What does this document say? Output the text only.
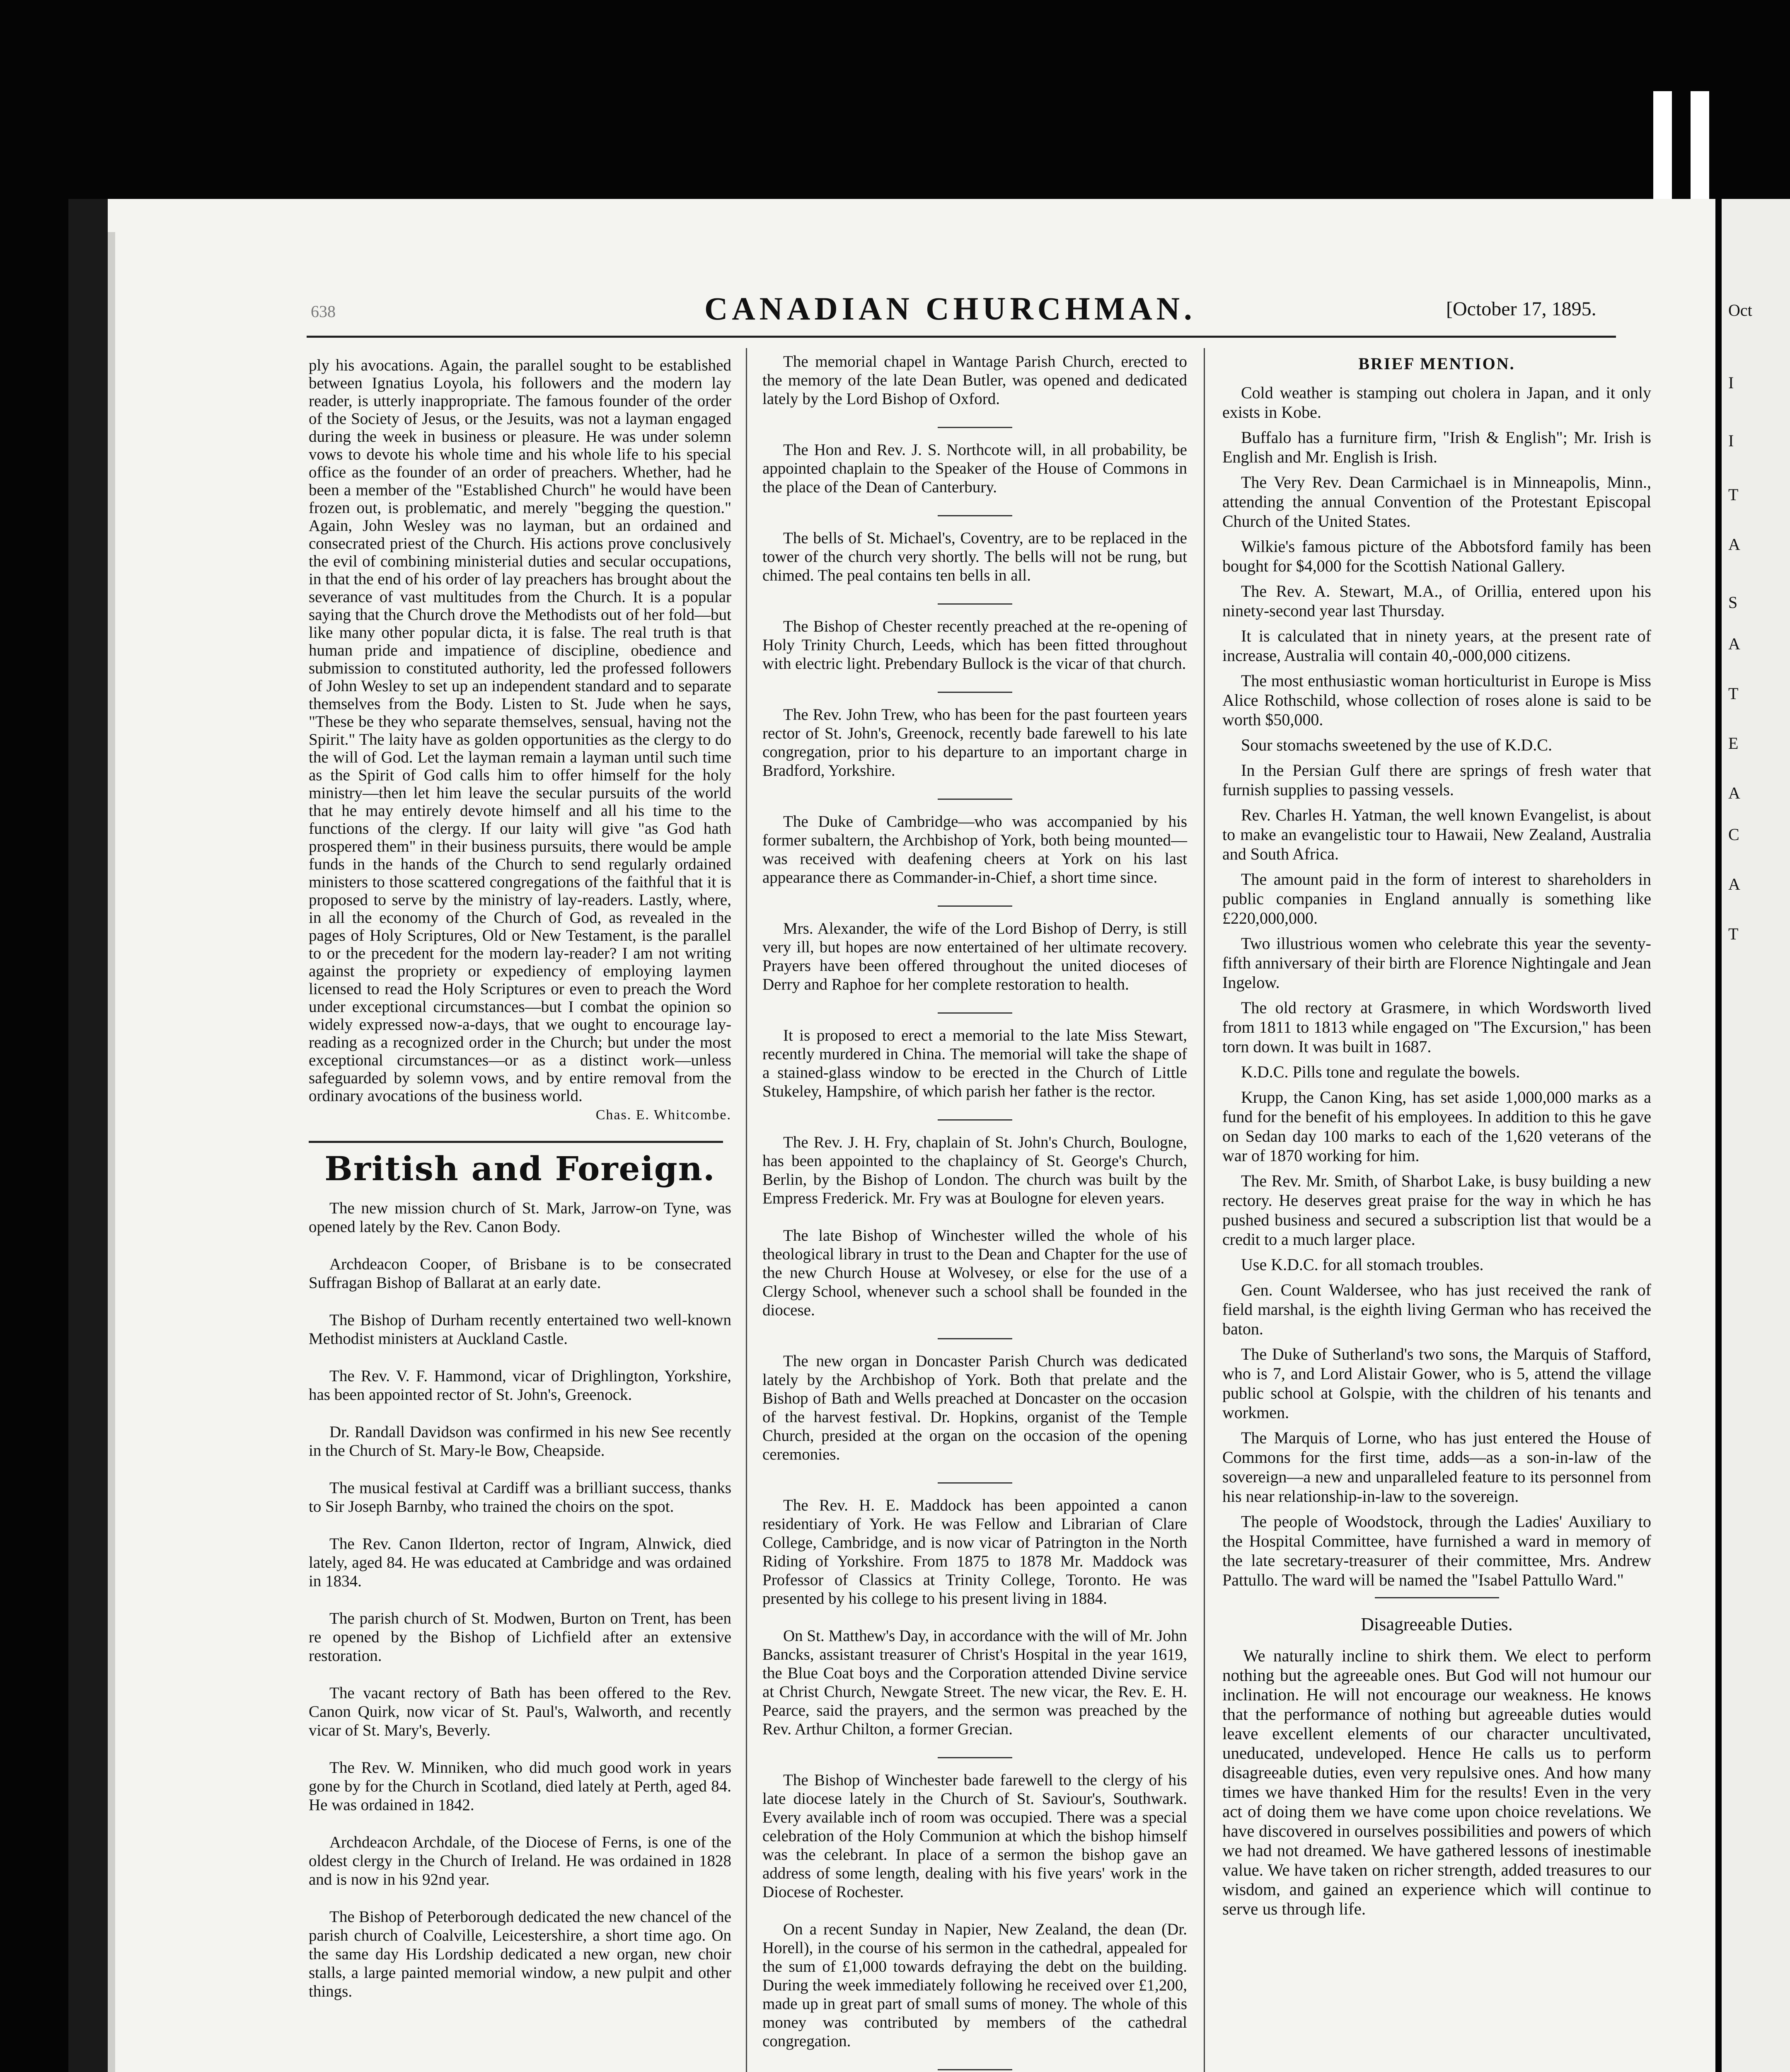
Oct
I
I
T
A
S
A
T
E
A
C
A
T
638	CANADIAN CHURCHMAN.	[October 17, 1895.

ply his avocations. Again, the parallel sought to be established between Ignatius Loyola, his followers and the modern lay reader, is utterly inappropriate. The famous founder of the order of the Society of Jesus, or the Jesuits, was not a layman engaged during the week in business or pleasure. He was under solemn vows to devote his whole time and his whole life to his special office as the founder of an order of preachers. Whether, had he been a member of the "Established Church" he would have been frozen out, is problematic, and merely "begging the question." Again, John Wesley was no layman, but an ordained and consecrated priest of the Church. His actions prove conclusively the evil of combining ministerial duties and secular occupations, in that the end of his order of lay preachers has brought about the severance of vast multitudes from the Church. It is a popular saying that the Church drove the Methodists out of her fold—but like many other popular dicta, it is false. The real truth is that human pride and impatience of discipline, obedience and submission to constituted authority, led the professed followers of John Wesley to set up an independent standard and to separate themselves from the Body. Listen to St. Jude when he says, "These be they who separate themselves, sensual, having not the Spirit." The laity have as golden opportunities as the clergy to do the will of God. Let the layman remain a layman until such time as the Spirit of God calls him to offer himself for the holy ministry—then let him leave the secular pursuits of the world that he may entirely devote himself and all his time to the functions of the clergy. If our laity will give "as God hath prospered them" in their business pursuits, there would be ample funds in the hands of the Church to send regularly ordained ministers to those scattered congregations of the faithful that it is proposed to serve by the ministry of lay-readers. Lastly, where, in all the economy of the Church of God, as revealed in the pages of Holy Scriptures, Old or New Testament, is the parallel to or the precedent for the modern lay-reader? I am not writing against the propriety or expediency of employing laymen licensed to read the Holy Scriptures or even to preach the Word under exceptional circumstances—but I combat the opinion so widely expressed now-a-days, that we ought to encourage lay-reading as a recognized order in the Church; but under the most exceptional circumstances—or as a distinct work—unless safeguarded by solemn vows, and by entire removal from the ordinary avocations of the business world.

Chas. E. Whitcombe.
British and Foreign.

The new mission church of St. Mark, Jarrow-on Tyne, was opened lately by the Rev. Canon Body.

Archdeacon Cooper, of Brisbane is to be consecrated Suffragan Bishop of Ballarat at an early date.

The Bishop of Durham recently entertained two well-known Methodist ministers at Auckland Castle.

The Rev. V. F. Hammond, vicar of Drighlington, Yorkshire, has been appointed rector of St. John's, Greenock.

Dr. Randall Davidson was confirmed in his new See recently in the Church of St. Mary-le Bow, Cheapside.

The musical festival at Cardiff was a brilliant success, thanks to Sir Joseph Barnby, who trained the choirs on the spot.

The Rev. Canon Ilderton, rector of Ingram, Alnwick, died lately, aged 84. He was educated at Cambridge and was ordained in 1834.

The parish church of St. Modwen, Burton on Trent, has been re opened by the Bishop of Lichfield after an extensive restoration.

The vacant rectory of Bath has been offered to the Rev. Canon Quirk, now vicar of St. Paul's, Walworth, and recently vicar of St. Mary's, Beverly.

The Rev. W. Minniken, who did much good work in years gone by for the Church in Scotland, died lately at Perth, aged 84. He was ordained in 1842.

Archdeacon Archdale, of the Diocese of Ferns, is one of the oldest clergy in the Church of Ireland. He was ordained in 1828 and is now in his 92nd year.

The Bishop of Peterborough dedicated the new chancel of the parish church of Coalville, Leicestershire, a short time ago. On the same day His Lordship dedicated a new organ, new choir stalls, a large painted memorial window, a new pulpit and other things.

The memorial chapel in Wantage Parish Church, erected to the memory of the late Dean Butler, was opened and dedicated lately by the Lord Bishop of Oxford.

The Hon and Rev. J. S. Northcote will, in all probability, be appointed chaplain to the Speaker of the House of Commons in the place of the Dean of Canterbury.

The bells of St. Michael's, Coventry, are to be replaced in the tower of the church very shortly. The bells will not be rung, but chimed. The peal contains ten bells in all.

The Bishop of Chester recently preached at the re-opening of Holy Trinity Church, Leeds, which has been fitted throughout with electric light. Prebendary Bullock is the vicar of that church.

The Rev. John Trew, who has been for the past fourteen years rector of St. John's, Greenock, recently bade farewell to his late congregation, prior to his departure to an important charge in Bradford, Yorkshire.

The Duke of Cambridge—who was accompanied by his former subaltern, the Archbishop of York, both being mounted—was received with deafening cheers at York on his last appearance there as Commander-in-Chief, a short time since.

Mrs. Alexander, the wife of the Lord Bishop of Derry, is still very ill, but hopes are now entertained of her ultimate recovery. Prayers have been offered throughout the united dioceses of Derry and Raphoe for her complete restoration to health.

It is proposed to erect a memorial to the late Miss Stewart, recently murdered in China. The memorial will take the shape of a stained-glass window to be erected in the Church of Little Stukeley, Hampshire, of which parish her father is the rector.

The Rev. J. H. Fry, chaplain of St. John's Church, Boulogne, has been appointed to the chaplaincy of St. George's Church, Berlin, by the Bishop of London. The church was built by the Empress Frederick. Mr. Fry was at Boulogne for eleven years.

The late Bishop of Winchester willed the whole of his theological library in trust to the Dean and Chapter for the use of the new Church House at Wolvesey, or else for the use of a Clergy School, whenever such a school shall be founded in the diocese.

The new organ in Doncaster Parish Church was dedicated lately by the Archbishop of York. Both that prelate and the Bishop of Bath and Wells preached at Doncaster on the occasion of the harvest festival. Dr. Hopkins, organist of the Temple Church, presided at the organ on the occasion of the opening ceremonies.

The Rev. H. E. Maddock has been appointed a canon residentiary of York. He was Fellow and Librarian of Clare College, Cambridge, and is now vicar of Patrington in the North Riding of Yorkshire. From 1875 to 1878 Mr. Maddock was Professor of Classics at Trinity College, Toronto. He was presented by his college to his present living in 1884.

On St. Matthew's Day, in accordance with the will of Mr. John Bancks, assistant treasurer of Christ's Hospital in the year 1619, the Blue Coat boys and the Corporation attended Divine service at Christ Church, Newgate Street. The new vicar, the Rev. E. H. Pearce, said the prayers, and the sermon was preached by the Rev. Arthur Chilton, a former Grecian.

The Bishop of Winchester bade farewell to the clergy of his late diocese lately in the Church of St. Saviour's, Southwark. Every available inch of room was occupied. There was a special celebration of the Holy Communion at which the bishop himself was the celebrant. In place of a sermon the bishop gave an address of some length, dealing with his five years' work in the Diocese of Rochester.

On a recent Sunday in Napier, New Zealand, the dean (Dr. Horell), in the course of his sermon in the cathedral, appealed for the sum of £1,000 towards defraying the debt on the building. During the week immediately following he received over £1,200, made up in great part of small sums of money. The whole of this money was contributed by members of the cathedral congregation.

BRIEF MENTION.

Cold weather is stamping out cholera in Japan, and it only exists in Kobe.

Buffalo has a furniture firm, "Irish & English"; Mr. Irish is English and Mr. English is Irish.

The Very Rev. Dean Carmichael is in Minneapolis, Minn., attending the annual Convention of the Protestant Episcopal Church of the United States.

Wilkie's famous picture of the Abbotsford family has been bought for $4,000 for the Scottish National Gallery.

The Rev. A. Stewart, M.A., of Orillia, entered upon his ninety-second year last Thursday.

It is calculated that in ninety years, at the present rate of increase, Australia will contain 40,-000,000 citizens.

The most enthusiastic woman horticulturist in Europe is Miss Alice Rothschild, whose collection of roses alone is said to be worth $50,000.

Sour stomachs sweetened by the use of K.D.C.

In the Persian Gulf there are springs of fresh water that furnish supplies to passing vessels.

Rev. Charles H. Yatman, the well known Evangelist, is about to make an evangelistic tour to Hawaii, New Zealand, Australia and South Africa.

The amount paid in the form of interest to shareholders in public companies in England annually is something like £220,000,000.

Two illustrious women who celebrate this year the seventy-fifth anniversary of their birth are Florence Nightingale and Jean Ingelow.

The old rectory at Grasmere, in which Wordsworth lived from 1811 to 1813 while engaged on "The Excursion," has been torn down. It was built in 1687.

K.D.C. Pills tone and regulate the bowels.

Krupp, the Canon King, has set aside 1,000,000 marks as a fund for the benefit of his employees. In addition to this he gave on Sedan day 100 marks to each of the 1,620 veterans of the war of 1870 working for him.

The Rev. Mr. Smith, of Sharbot Lake, is busy building a new rectory. He deserves great praise for the way in which he has pushed business and secured a subscription list that would be a credit to a much larger place.

Use K.D.C. for all stomach troubles.

Gen. Count Waldersee, who has just received the rank of field marshal, is the eighth living German who has received the baton.

The Duke of Sutherland's two sons, the Marquis of Stafford, who is 7, and Lord Alistair Gower, who is 5, attend the village public school at Golspie, with the children of his tenants and workmen.

The Marquis of Lorne, who has just entered the House of Commons for the first time, adds—as a son-in-law of the sovereign—a new and unparalleled feature to its personnel from his near relationship-in-law to the sovereign.

The people of Woodstock, through the Ladies' Auxiliary to the Hospital Committee, have furnished a ward in memory of the late secretary-treasurer of their committee, Mrs. Andrew Pattullo. The ward will be named the "Isabel Pattullo Ward."

Disagreeable Duties.

We naturally incline to shirk them. We elect to perform nothing but the agreeable ones. But God will not humour our inclination. He will not encourage our weakness. He knows that the performance of nothing but agreeable duties would leave excellent elements of our character uncultivated, uneducated, undeveloped. Hence He calls us to perform disagreeable duties, even very repulsive ones. And how many times we have thanked Him for the results! Even in the very act of doing them we have come upon choice revelations. We have discovered in ourselves possibilities and powers of which we had not dreamed. We have gathered lessons of inestimable value. We have taken on richer strength, added treasures to our wisdom, and gained an experience which will continue to serve us through life.
